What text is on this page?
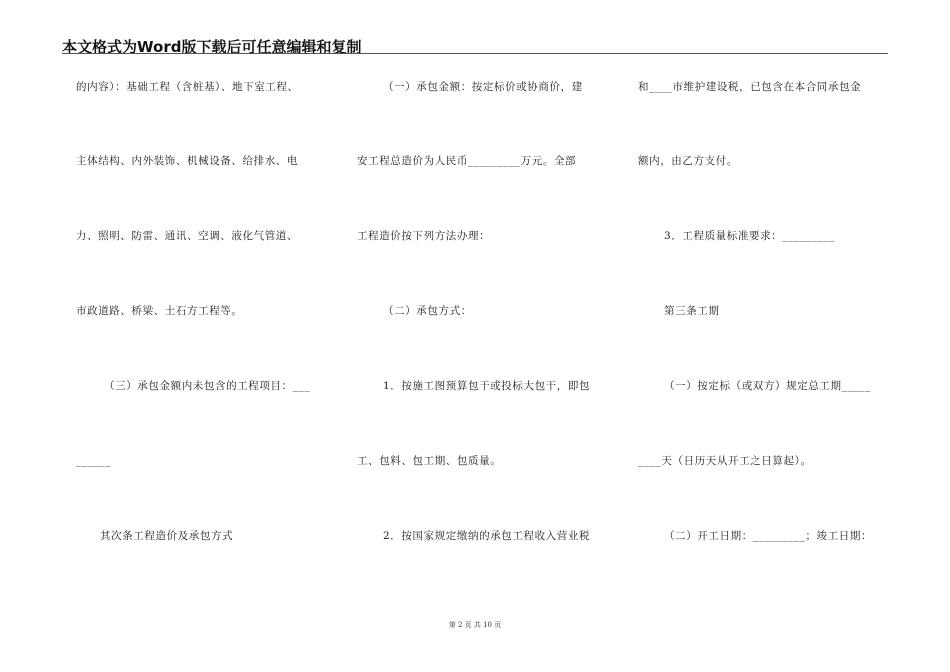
本文格式为Word版下载后可任意编辑和复制
的内容）：基础工程（含桩基）、地下室工程、
主体结构、内外装饰、机械设备、给排水、电
力、照明、防雷、通讯、空调、液化气管道、
市政道路、桥梁、土石方工程等。
（三）承包金额内未包含的工程项目：___
______
其次条工程造价及承包方式
（一）承包金额：按定标价或协商价，建
安工程总造价为人民币_________万元。全部
工程造价按下列方法办理：
（二）承包方式：
1．按施工图预算包干或投标大包干，即包
工、包料、包工期、包质量。
2．按国家规定缴纳的承包工程收入营业税
和____市维护建设税，已包含在本合同承包金
额内，由乙方支付。
3．工程质量标准要求：_________
第三条工期
（一）按定标（或双方）规定总工期_____
____天（日历天从开工之日算起）。
（二）开工日期：_________；竣工日期：
第 2 页 共 10 页
